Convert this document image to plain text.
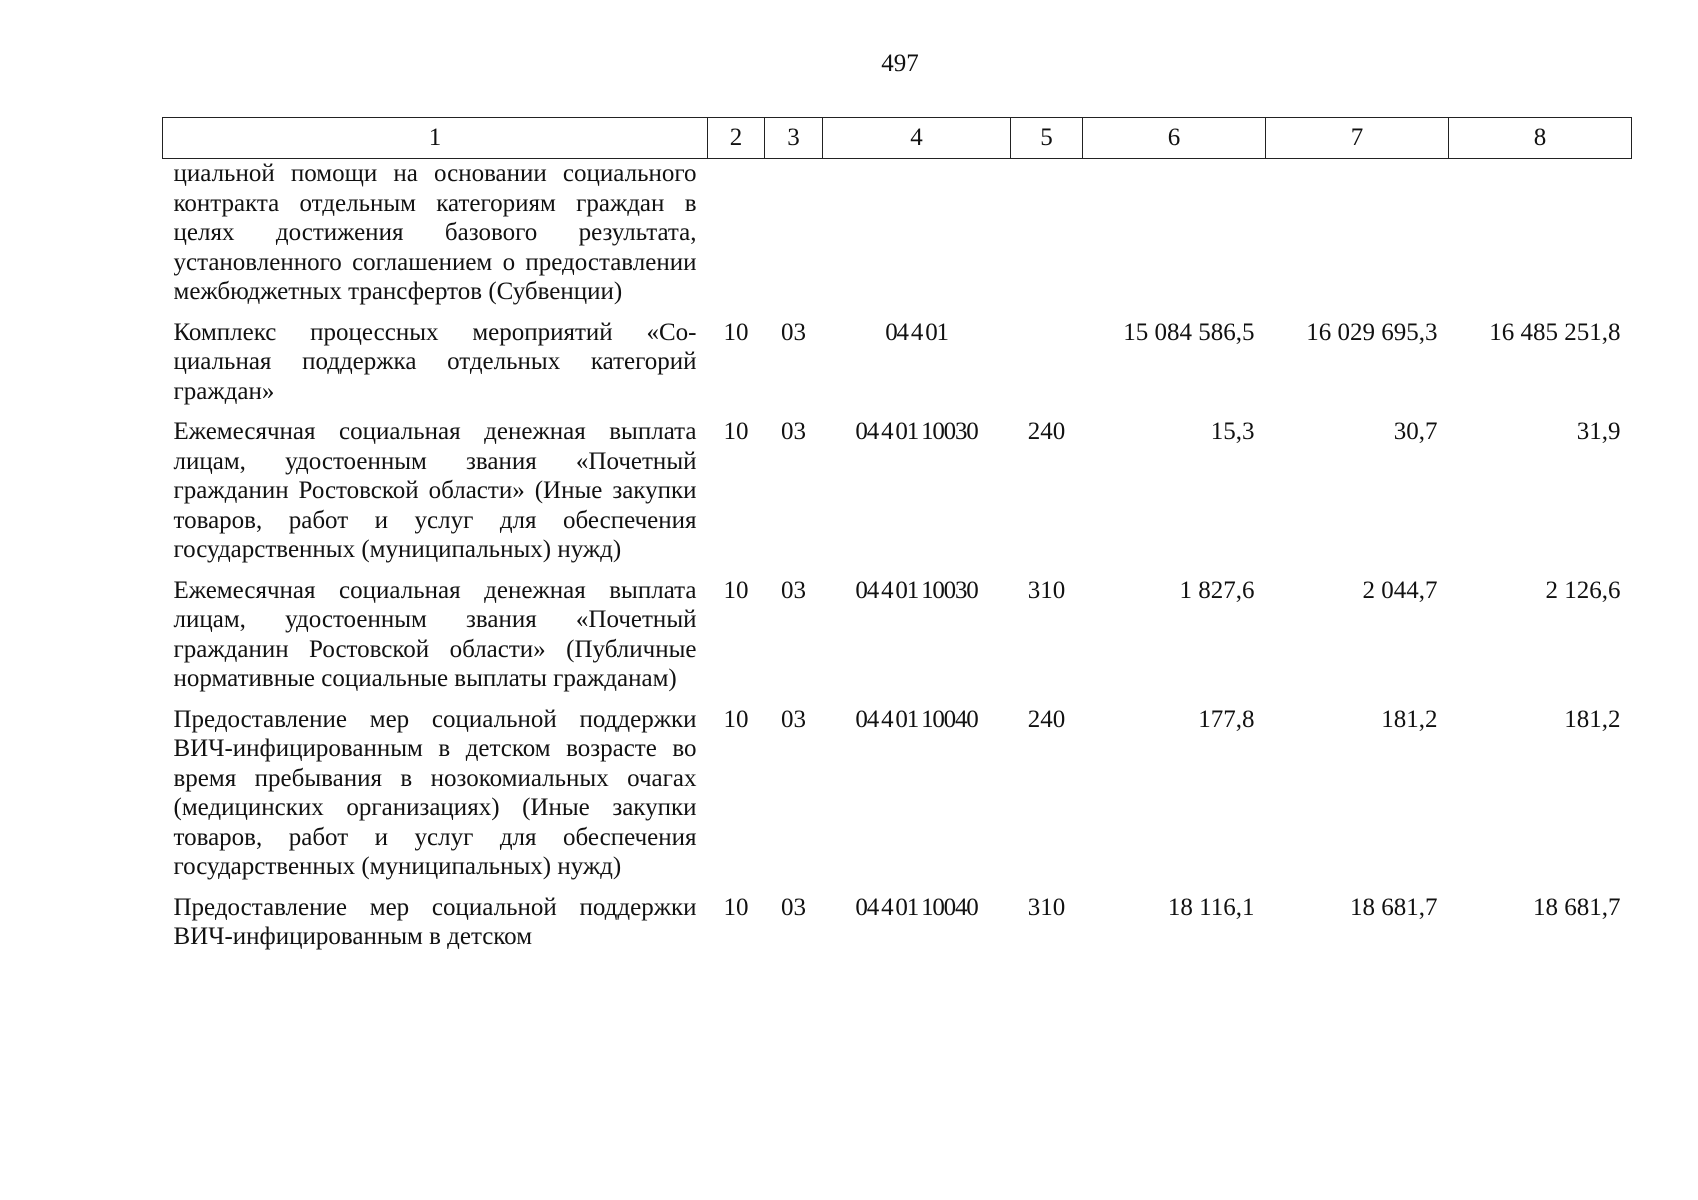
497
1	2	3	4	5	6	7	8
циальной помощи на основании социального контракта отдельным категориям граждан в целях достижения базового результата, установленного соглашением о предоставлении межбюджетных трансфертов (Субвенции)							
Комплекс процессных мероприятий «Социальная поддержка отдельных категорий граждан»	10	03	04 4 01		15 084 586,5	16 029 695,3	16 485 251,8
Ежемесячная социальная денежная выплата лицам, удостоенным звания «Почетный гражданин Ростовской области» (Иные закупки товаров, работ и услуг для обеспечения государственных (муниципальных) нужд)	10	03	04 4 01 10030	240	15,3	30,7	31,9
Ежемесячная социальная денежная выплата лицам, удостоенным звания «Почетный гражданин Ростовской области» (Публичные нормативные социальные выплаты гражданам)	10	03	04 4 01 10030	310	1 827,6	2 044,7	2 126,6
Предоставление мер социальной поддержки ВИЧ-инфицированным в детском возрасте во время пребывания в нозокомиальных очагах (медицинских организациях) (Иные закупки товаров, работ и услуг для обеспечения государственных (муниципальных) нужд)	10	03	04 4 01 10040	240	177,8	181,2	181,2
Предоставление мер социальной поддержки ВИЧ-инфицированным в детском	10	03	04 4 01 10040	310	18 116,1	18 681,7	18 681,7
